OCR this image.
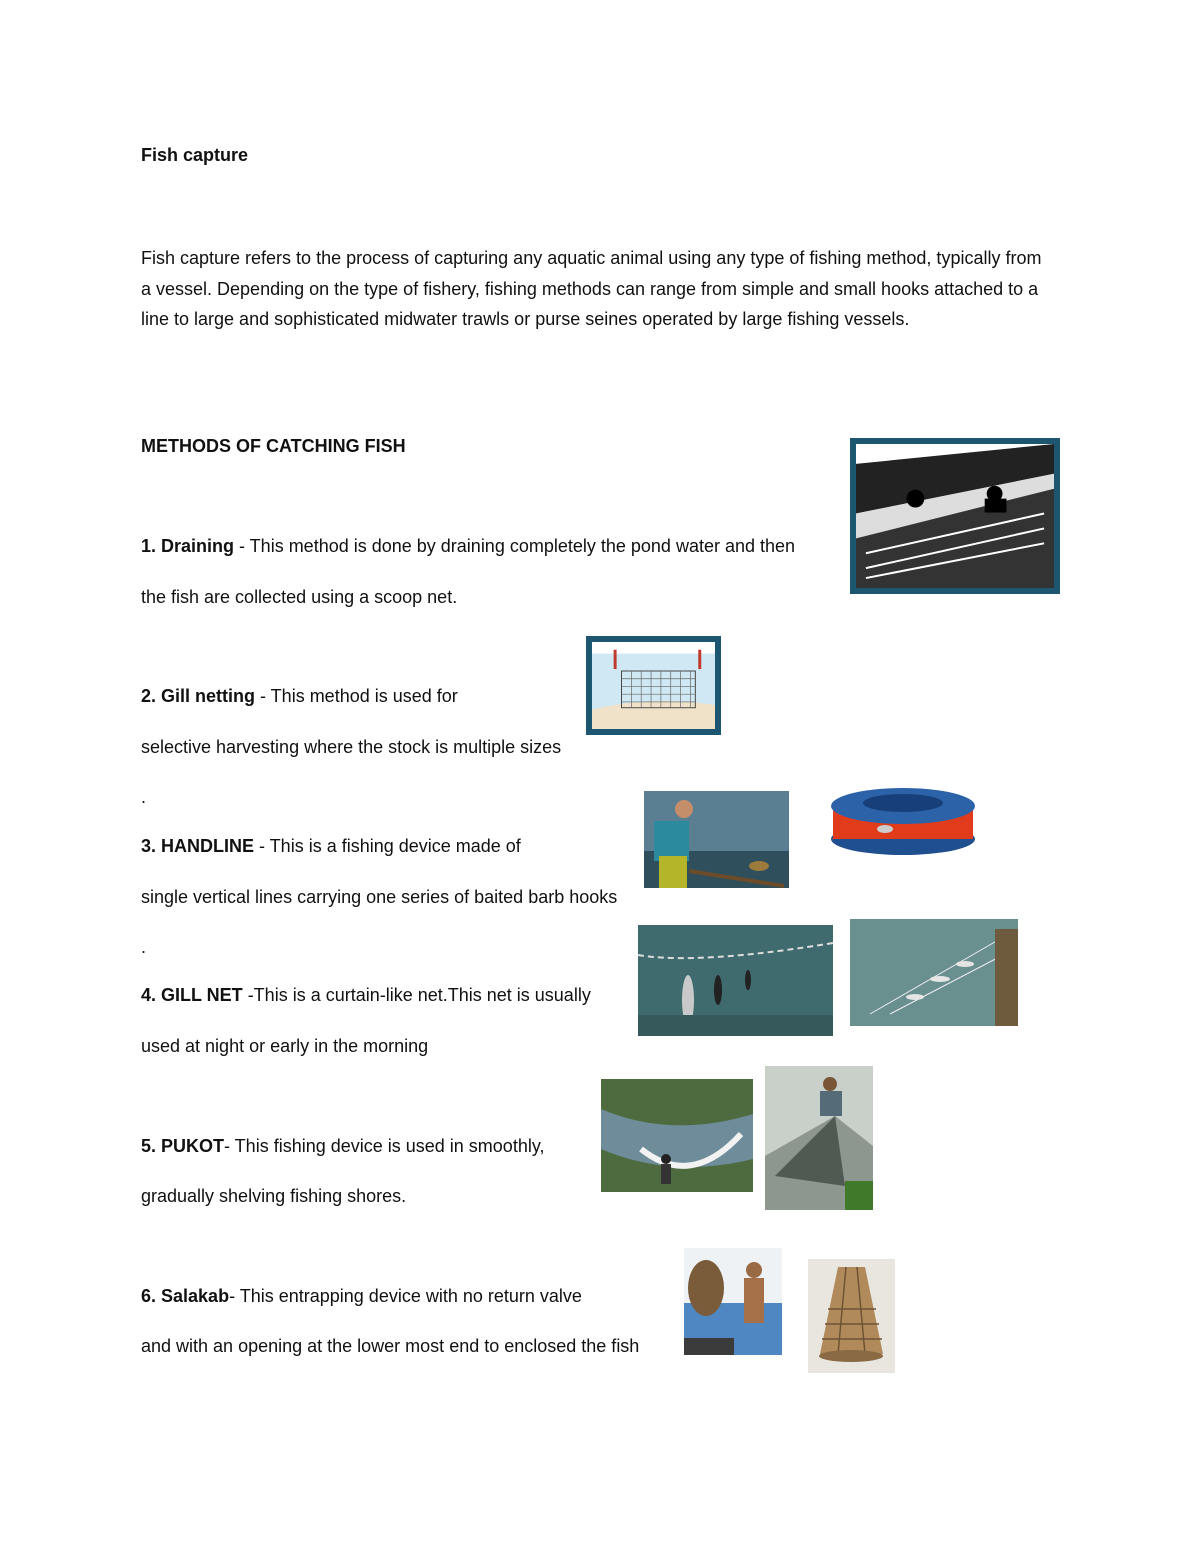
Fish capture
Fish capture refers to the process of capturing any aquatic animal using any type of fishing method, typically from a vessel. Depending on the type of fishery, fishing methods can range from simple and small hooks attached to a line to large and sophisticated midwater trawls or purse seines operated by large fishing vessels.
METHODS OF CATCHING FISH
1. Draining - This method is done by draining completely the pond water and then
the fish are collected using a scoop net.
2. Gill netting - This method is used for
selective harvesting where the stock is multiple sizes
.
3. HANDLINE - This is a fishing device made of
single vertical lines carrying one series of baited barb hooks
.
4. GILL NET -This is a curtain-like net.This net is usually
used at night or early in the morning
5. PUKOT- This fishing device is used in smoothly,
gradually shelving fishing shores.
6. Salakab- This entrapping device with no return valve
and with an opening at the lower most end to enclosed the fish
